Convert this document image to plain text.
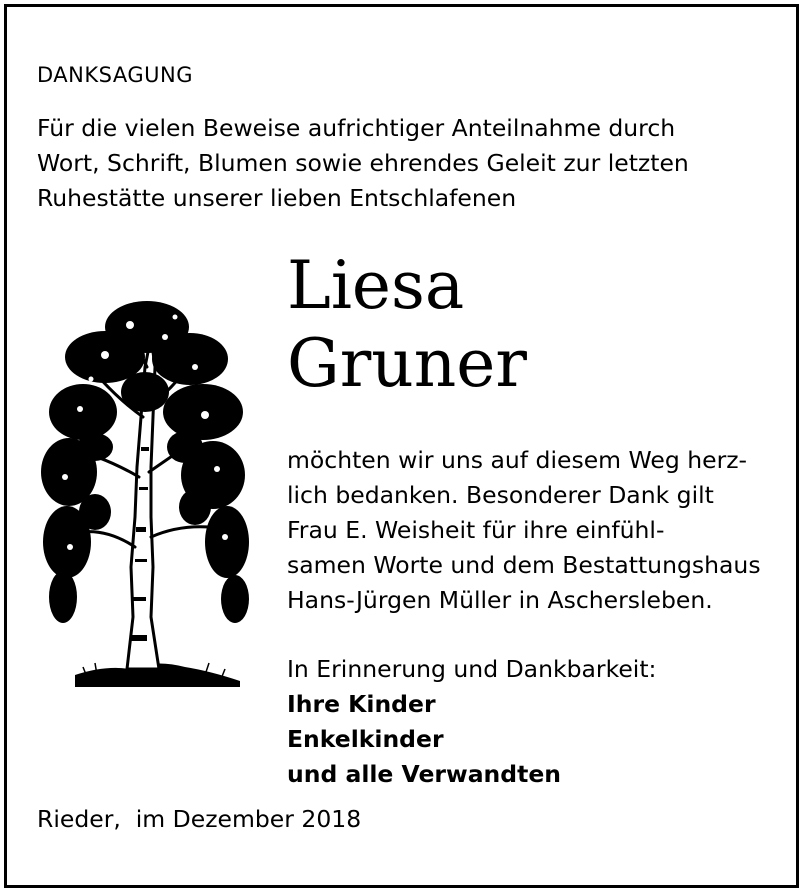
DANKSAGUNG
Für die vielen Beweise aufrichtiger Anteilnahme durch
Wort, Schrift, Blumen sowie ehrendes Geleit zur letzten
Ruhestätte unserer lieben Entschlafenen
Liesa
Gruner
möchten wir uns auf diesem Weg herz-
lich bedanken. Besonderer Dank gilt
Frau E. Weisheit für ihre einfühl-
samen Worte und dem Bestattungshaus
Hans-Jürgen Müller in Aschersleben.
In Erinnerung und Dankbarkeit:
Ihre Kinder
Enkelkinder
und alle Verwandten
Rieder,  im Dezember 2018
